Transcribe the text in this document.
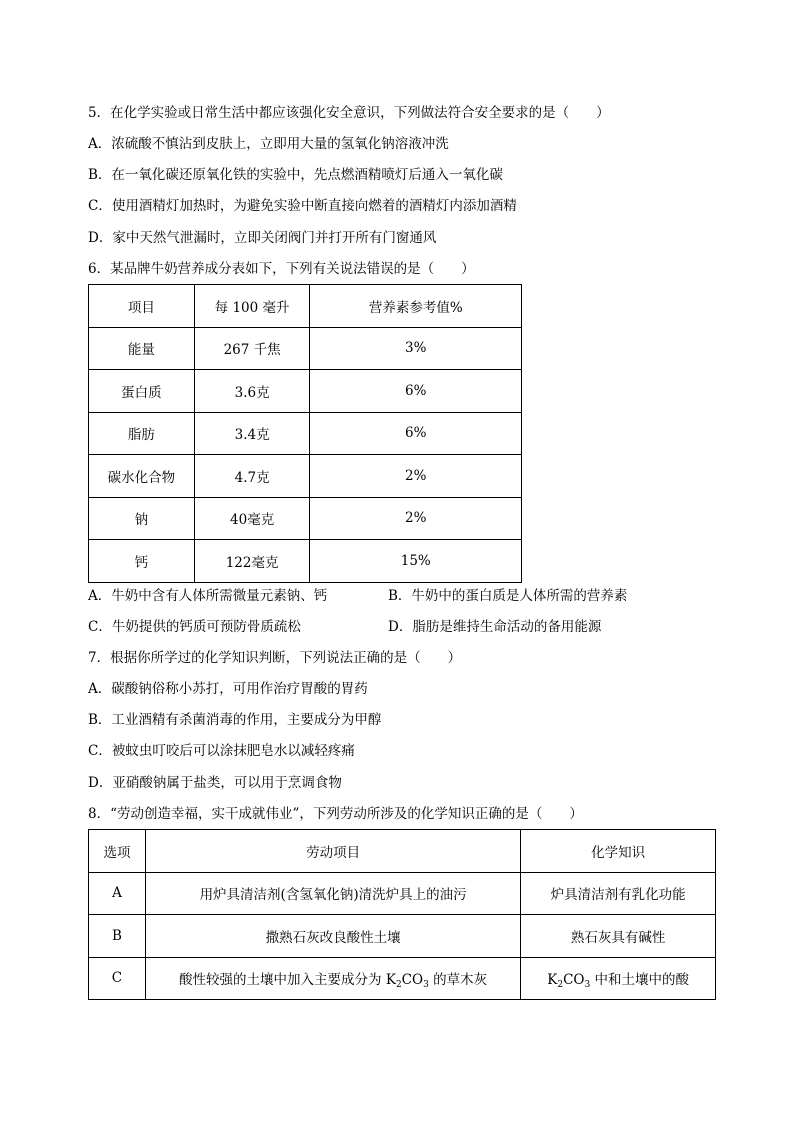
5．在化学实验或日常生活中都应该强化安全意识，下列做法符合安全要求的是（　　）
A．浓硫酸不慎沾到皮肤上，立即用大量的氢氧化钠溶液冲洗
B．在一氧化碳还原氧化铁的实验中，先点燃酒精喷灯后通入一氧化碳
C．使用酒精灯加热时，为避免实验中断直接向燃着的酒精灯内添加酒精
D．家中天然气泄漏时，立即关闭阀门并打开所有门窗通风
6．某品牌牛奶营养成分表如下，下列有关说法错误的是（　　）
项目	每 100 毫升	营养素参考值%
能量	267 千焦	3%
蛋白质	3.6克	6%
脂肪	3.4克	6%
碳水化合物	4.7克	2%
钠	40毫克	2%
钙	122毫克	15%
A．牛奶中含有人体所需微量元素钠、钙	B．牛奶中的蛋白质是人体所需的营养素
C．牛奶提供的钙质可预防骨质疏松	D．脂肪是维持生命活动的备用能源
7．根据你所学过的化学知识判断，下列说法正确的是（　　）
A．碳酸钠俗称小苏打，可用作治疗胃酸的胃药
B．工业酒精有杀菌消毒的作用，主要成分为甲醇
C．被蚊虫叮咬后可以涂抹肥皂水以减轻疼痛
D．亚硝酸钠属于盐类，可以用于烹调食物
8．“劳动创造幸福，实干成就伟业”，下列劳动所涉及的化学知识正确的是（　　）
选项	劳动项目	化学知识
A	用炉具清洁剂(含氢氧化钠)清洗炉具上的油污	炉具清洁剂有乳化功能
B	撒熟石灰改良酸性土壤	熟石灰具有碱性
C	酸性较强的土壤中加入主要成分为 $K_2CO_3$ 的草木灰	$K_2CO_3$ 中和土壤中的酸
